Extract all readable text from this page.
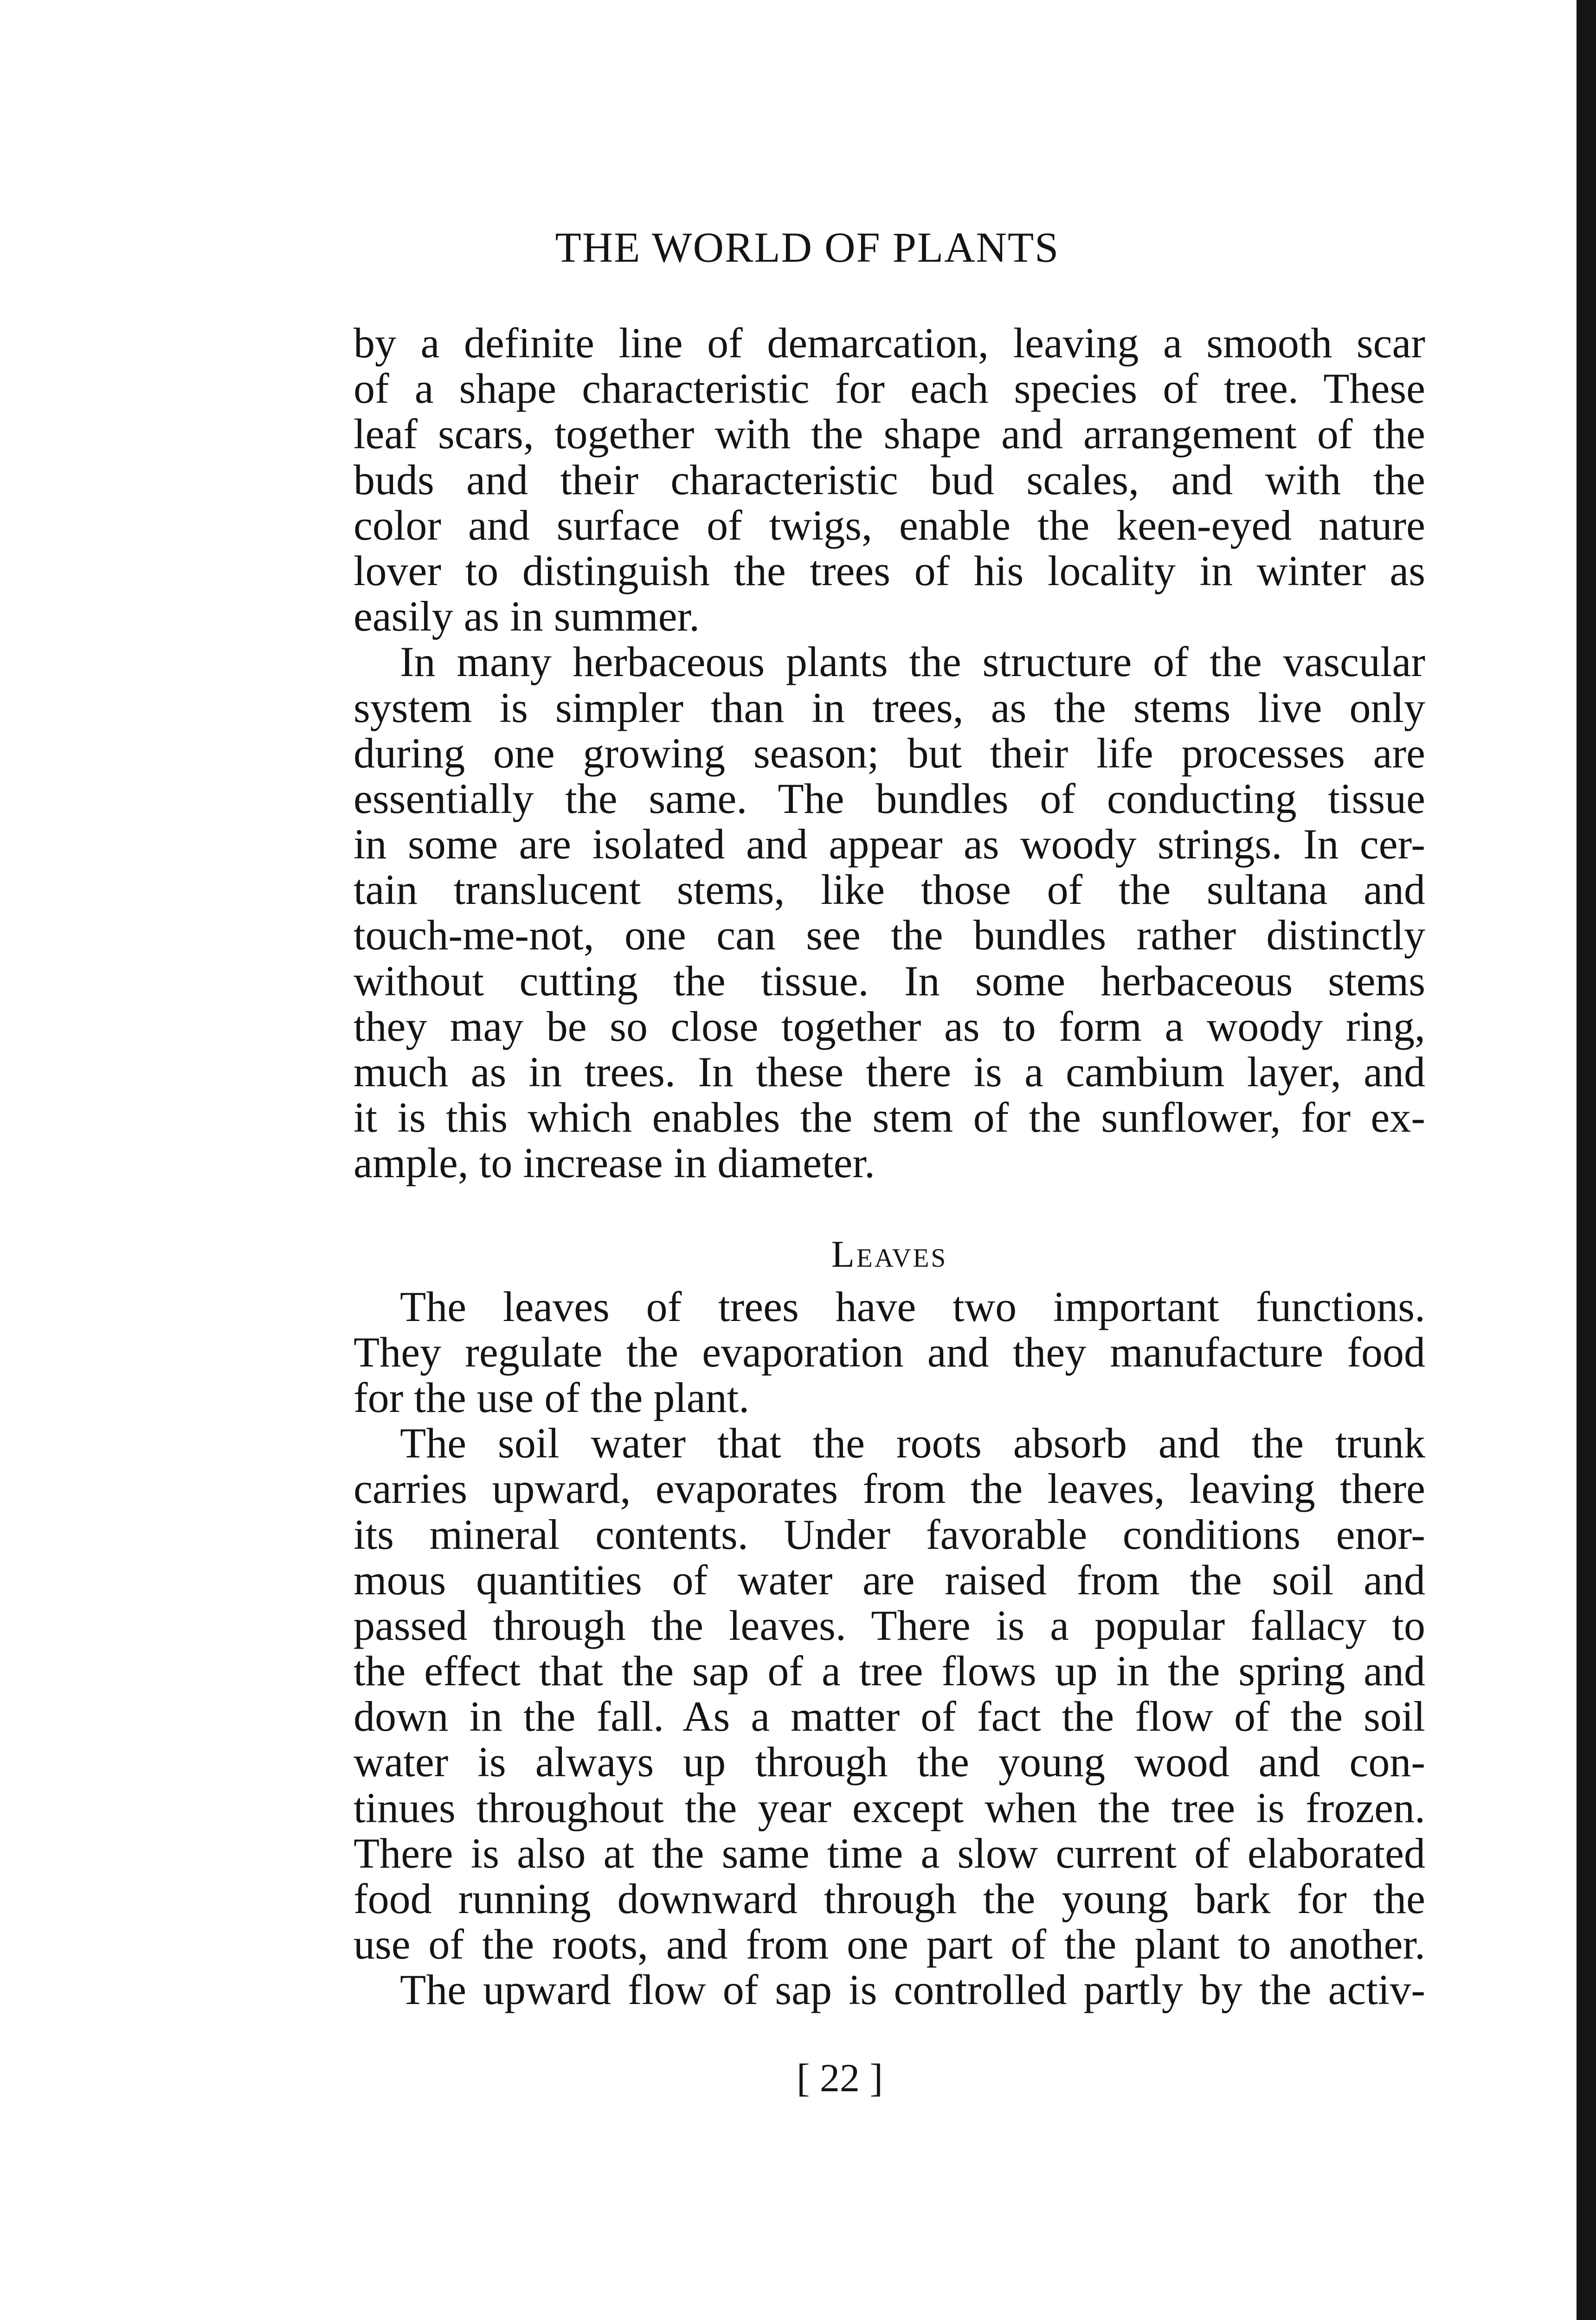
THE WORLD OF PLANTS
by a definite line of demarcation, leaving a smooth scar
of a shape characteristic for each species of tree. These
leaf scars, together with the shape and arrangement of the
buds and their characteristic bud scales, and with the
color and surface of twigs, enable the keen-eyed nature
lover to distinguish the trees of his locality in winter as
easily as in summer.
In many herbaceous plants the structure of the vascular
system is simpler than in trees, as the stems live only
during one growing season; but their life processes are
essentially the same. The bundles of conducting tissue
in some are isolated and appear as woody strings. In cer-
tain translucent stems, like those of the sultana and
touch-me-not, one can see the bundles rather distinctly
without cutting the tissue. In some herbaceous stems
they may be so close together as to form a woody ring,
much as in trees. In these there is a cambium layer, and
it is this which enables the stem of the sunflower, for ex-
ample, to increase in diameter.
Leaves
The leaves of trees have two important functions.
They regulate the evaporation and they manufacture food
for the use of the plant.
The soil water that the roots absorb and the trunk
carries upward, evaporates from the leaves, leaving there
its mineral contents. Under favorable conditions enor-
mous quantities of water are raised from the soil and
passed through the leaves. There is a popular fallacy to
the effect that the sap of a tree flows up in the spring and
down in the fall. As a matter of fact the flow of the soil
water is always up through the young wood and con-
tinues throughout the year except when the tree is frozen.
There is also at the same time a slow current of elaborated
food running downward through the young bark for the
use of the roots, and from one part of the plant to another.
The upward flow of sap is controlled partly by the activ-
[ 22 ]
